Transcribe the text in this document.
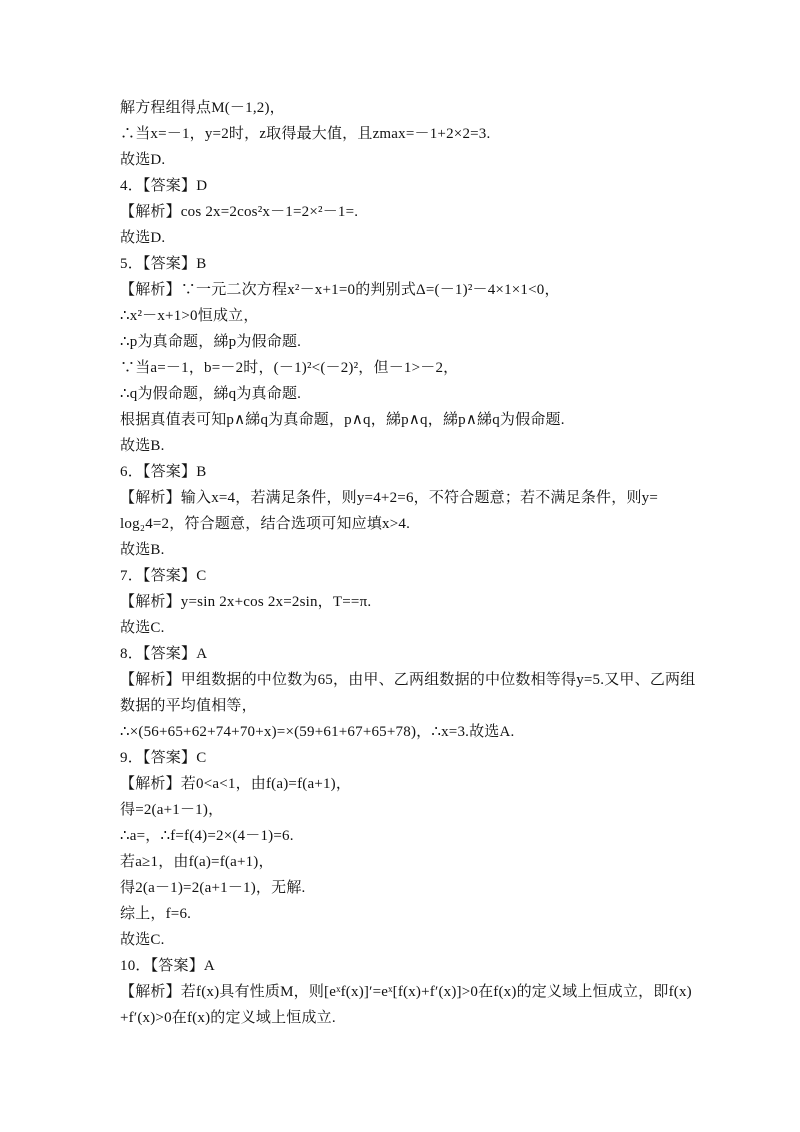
解方程组得点M(－1,2)，
∴当x=－1，y=2时，z取得最大值，且zmax=－1+2×2=3.
故选D.
4．【答案】D
【解析】cos 2x=2cos²x－1=2×²－1=.
故选D.
5．【答案】B
【解析】∵一元二次方程x²－x+1=0的判别式Δ=(－1)²－4×1×1<0，
∴x²－x+1>0恒成立，
∴p为真命题，綈p为假命题.
∵当a=－1，b=－2时，(－1)²<(－2)²，但－1>－2，
∴q为假命题，綈q为真命题.
根据真值表可知p∧綈q为真命题，p∧q，綈p∧q，綈p∧綈q为假命题.
故选B.
6．【答案】B
【解析】输入x=4，若满足条件，则y=4+2=6，不符合题意；若不满足条件，则y=
log₂4=2，符合题意，结合选项可知应填x>4.
故选B.
7．【答案】C
【解析】y=sin 2x+cos 2x=2sin，T==π.
故选C.
8．【答案】A
【解析】甲组数据的中位数为65，由甲、乙两组数据的中位数相等得y=5.又甲、乙两组
数据的平均值相等，
∴×(56+65+62+74+70+x)=×(59+61+67+65+78)，∴x=3.故选A.
9．【答案】C
【解析】若0<a<1，由f(a)=f(a+1)，
得=2(a+1－1)，
∴a=，∴f=f(4)=2×(4－1)=6.
若a≥1，由f(a)=f(a+1)，
得2(a－1)=2(a+1－1)，无解.
综上，f=6.
故选C.
10．【答案】A
【解析】若f(x)具有性质M，则[eˣf(x)]′=eˣ[f(x)+f′(x)]>0在f(x)的定义域上恒成立，即f(x)
+f′(x)>0在f(x)的定义域上恒成立.
